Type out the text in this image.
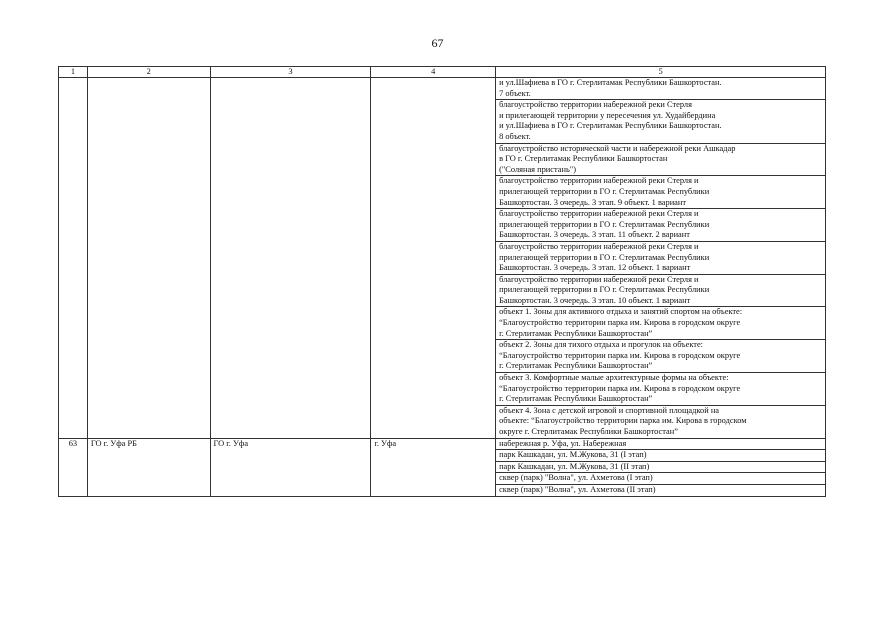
67
1	2	3	4	5

				и ул.Шафиева в ГО г. Стерлитамак Республики Башкортостан.
7 объект.

				благоустройство территории набережной реки Стерля
и прилегающей территории у пересечения ул. Худайбердина
и ул.Шафиева в ГО г. Стерлитамак Республики Башкортостан.
8 объект.

				благоустройство исторической части и набережной реки Ашкадар
в ГО г. Стерлитамак Республики Башкортостан
("Соляная пристань")

				благоустройство территории набережной реки Стерля и
прилегающей территории в ГО г. Стерлитамак Республики
Башкортостан. 3 очередь. 3 этап. 9 объект. 1 вариант

				благоустройство территории набережной реки Стерля и
прилегающей территории в ГО г. Стерлитамак Республики
Башкортостан. 3 очередь. 3 этап. 11 объект. 2 вариант

				благоустройство территории набережной реки Стерля и
прилегающей территории в ГО г. Стерлитамак Республики
Башкортостан. 3 очередь. 3 этап. 12 объект. 1 вариант

				благоустройство территории набережной реки Стерля и
прилегающей территории в ГО г. Стерлитамак Республики
Башкортостан. 3 очередь. 3 этап. 10 объект. 1 вариант

				объект 1. Зоны для активного отдыха и занятий спортом на объекте:
“Благоустройство территории парка им. Кирова в городском округе
г. Стерлитамак Республики Башкортостан”

				объект 2. Зоны для тихого отдыха и прогулок на объекте:
“Благоустройство территории парка им. Кирова в городском округе
г. Стерлитамак Республики Башкортостан”

				объект 3. Комфортные малые архитектурные формы на объекте:
“Благоустройство территории парка им. Кирова в городском округе
г. Стерлитамак Республики Башкортостан”

				объект 4. Зона с детской игровой и спортивной площадкой на
объекте: “Благоустройство территории парка им. Кирова в городском
округе г. Стерлитамак Республики Башкортостан”

63	ГО г. Уфа РБ	ГО г. Уфа	г. Уфа	набережная р. Уфа, ул. Набережная
				парк Кашкадан, ул. М.Жукова, 31 (I этап)
				парк Кашкадан, ул. М.Жукова, 31 (II этап)
				сквер (парк) "Волна", ул. Ахметова (I этап)
				сквер (парк) "Волна", ул. Ахметова (II этап)
